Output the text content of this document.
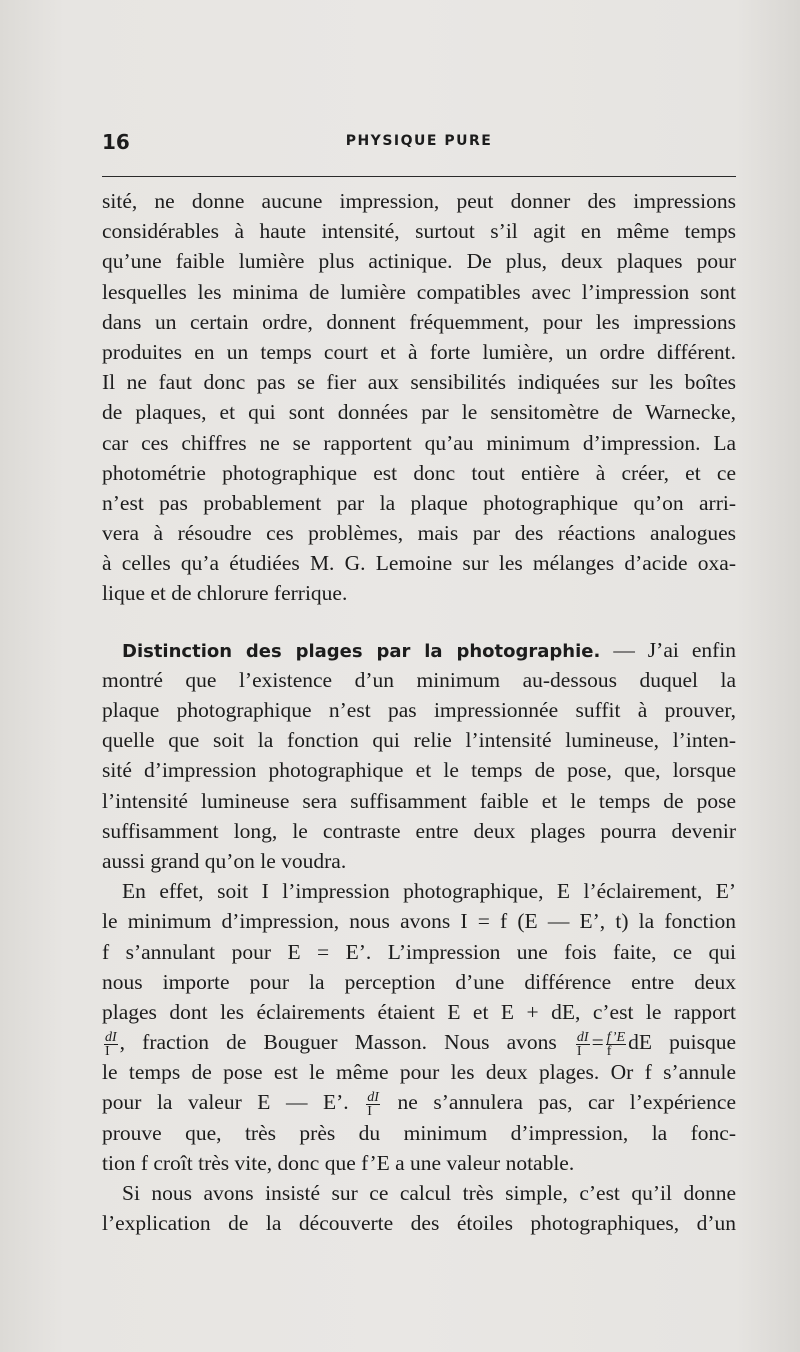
16	PHYSIQUE PURE
sité, ne donne aucune impression, peut donner des impressions
considérables à haute intensité, surtout s’il agit en même temps
qu’une faible lumière plus actinique. De plus, deux plaques pour
lesquelles les minima de lumière compatibles avec l’impression sont
dans un certain ordre, donnent fréquemment, pour les impressions
produites en un temps court et à forte lumière, un ordre différent.
Il ne faut donc pas se fier aux sensibilités indiquées sur les boîtes
de plaques, et qui sont données par le sensitomètre de Warnecke,
car ces chiffres ne se rapportent qu’au minimum d’impression. La
photométrie photographique est donc tout entière à créer, et ce
n’est pas probablement par la plaque photographique qu’on arri-
vera à résoudre ces problèmes, mais par des réactions analogues
à celles qu’a étudiées M. G. Lemoine sur les mélanges d’acide oxa-
lique et de chlorure ferrique.
Distinction des plages par la photographie. — J’ai enfin
montré que l’existence d’un minimum au-dessous duquel la
plaque photographique n’est pas impressionnée suffit à prouver,
quelle que soit la fonction qui relie l’intensité lumineuse, l’inten-
sité d’impression photographique et le temps de pose, que, lorsque
l’intensité lumineuse sera suffisamment faible et le temps de pose
suffisamment long, le contraste entre deux plages pourra devenir
aussi grand qu’on le voudra.
En effet, soit I l’impression photographique, E l’éclairement, E’
le minimum d’impression, nous avons I = f (E — E’, t) la fonction
f s’annulant pour E = E’. L’impression une fois faite, ce qui
nous importe pour la perception d’une différence entre deux
plages dont les éclairements étaient E et E + dE, c’est le rapport
$\frac{dI}{I}$ , fraction de Bouguer Masson. Nous avons $\frac{dI}{I} = \frac{f’E}{f}$ dE puisque
le temps de pose est le même pour les deux plages. Or f s’annule
pour la valeur E — E’. $\frac{dI}{I}$ ne s’annulera pas, car l’expérience
prouve que, très près du minimum d’impression, la fonc-
tion f croît très vite, donc que f’E a une valeur notable.
Si nous avons insisté sur ce calcul très simple, c’est qu’il donne
l’explication de la découverte des étoiles photographiques, d’un
